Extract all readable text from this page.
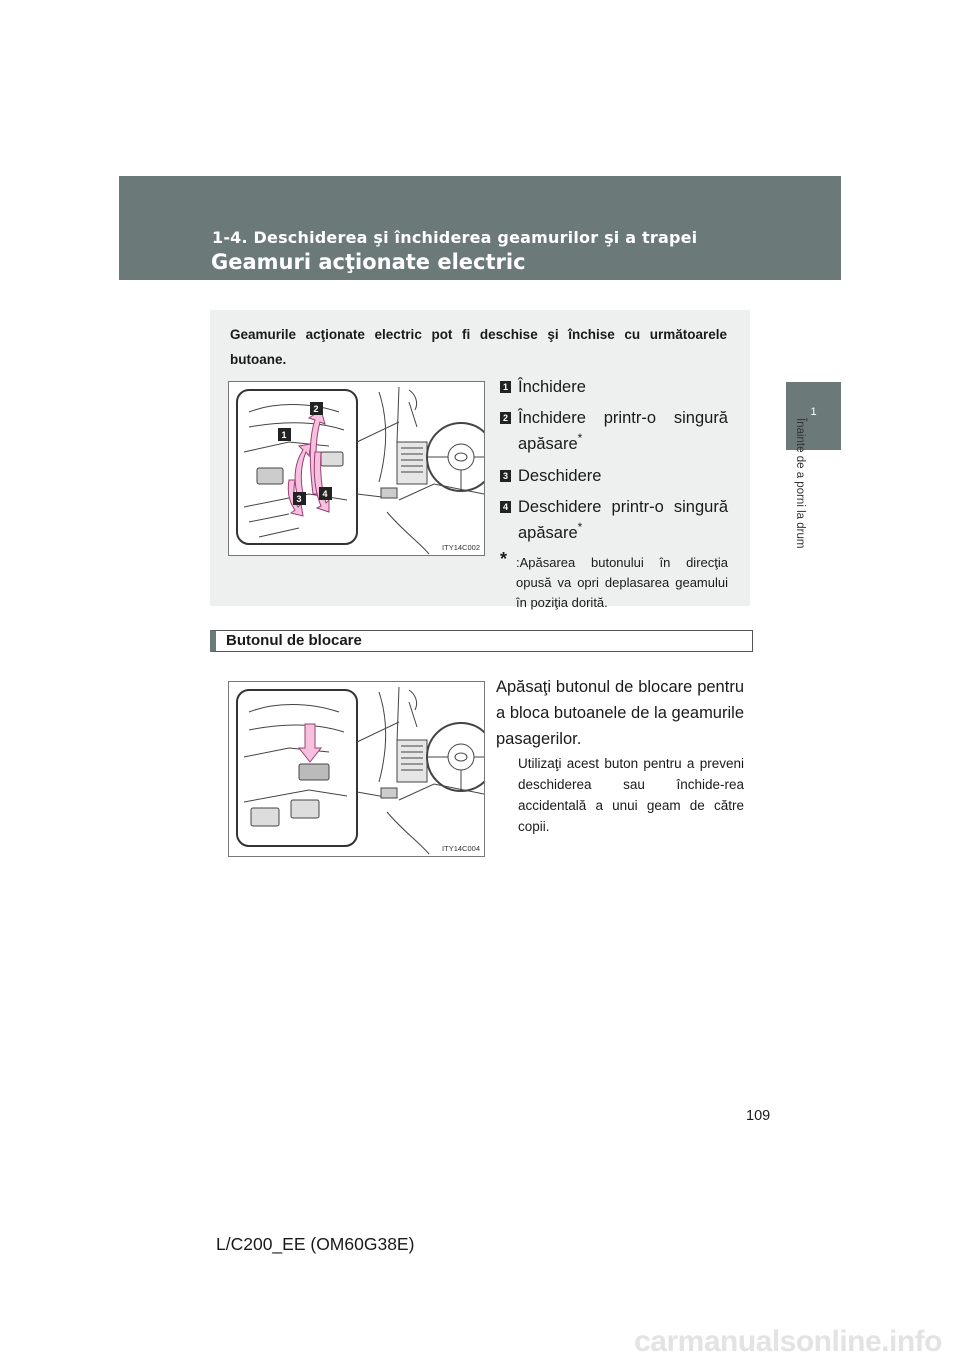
1-4. Deschiderea şi închiderea geamurilor şi a trapei
Geamuri acţionate electric
1
Înainte de a porni la drum
Geamurile acţionate electric pot fi deschise şi închise cu următoarele butoane.
1
2
3 4
ITY14C002
1 Închidere
2 Închidere printr-o singură apăsare*
3 Deschidere
4 Deschidere printr-o singură apăsare*
* :Apăsarea butonului în direcţia opusă va opri deplasarea geamului în poziţia dorită.
Butonul de blocare
ITY14C004
Apăsaţi butonul de blocare pentru a bloca butoanele de la geamurile pasagerilor.
Utilizaţi acest buton pentru a preveni deschiderea sau închide-rea accidentală a unui geam de către copii.
109
L/C200_EE (OM60G38E)
carmanualsonline.info
